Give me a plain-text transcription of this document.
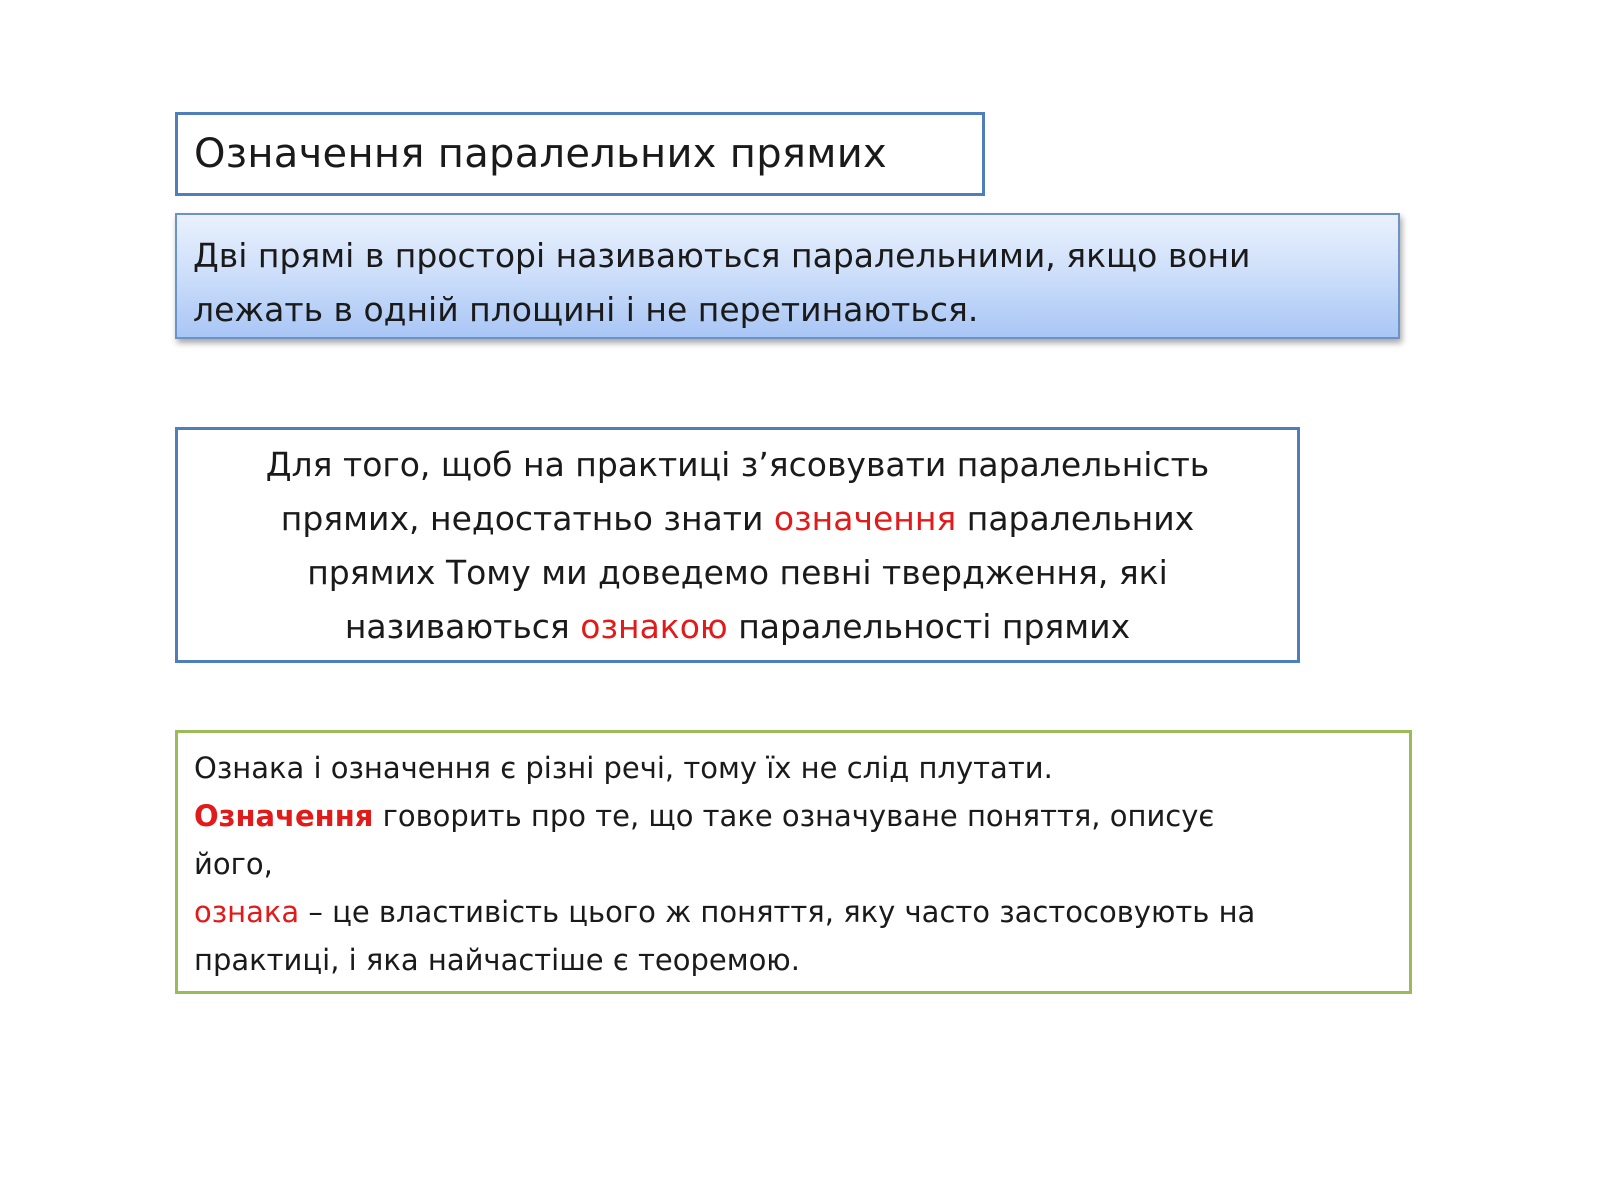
Означення паралельних прямих
Дві прямі в просторі називаються паралельними, якщо вони
лежать в одній площині і не перетинаються.
Для того, щоб на практиці з’ясовувати паралельність
прямих, недостатньо знати означення паралельних
прямих Тому ми доведемо певні твердження, які
називаються ознакою паралельності прямих
Ознака і означення є різні речі, тому їх не слід плутати.
Означення говорить про те, що таке означуване поняття, описує
його,
ознака – це властивість цього ж поняття, яку часто застосовують на
практиці, і яка найчастіше є теоремою.
